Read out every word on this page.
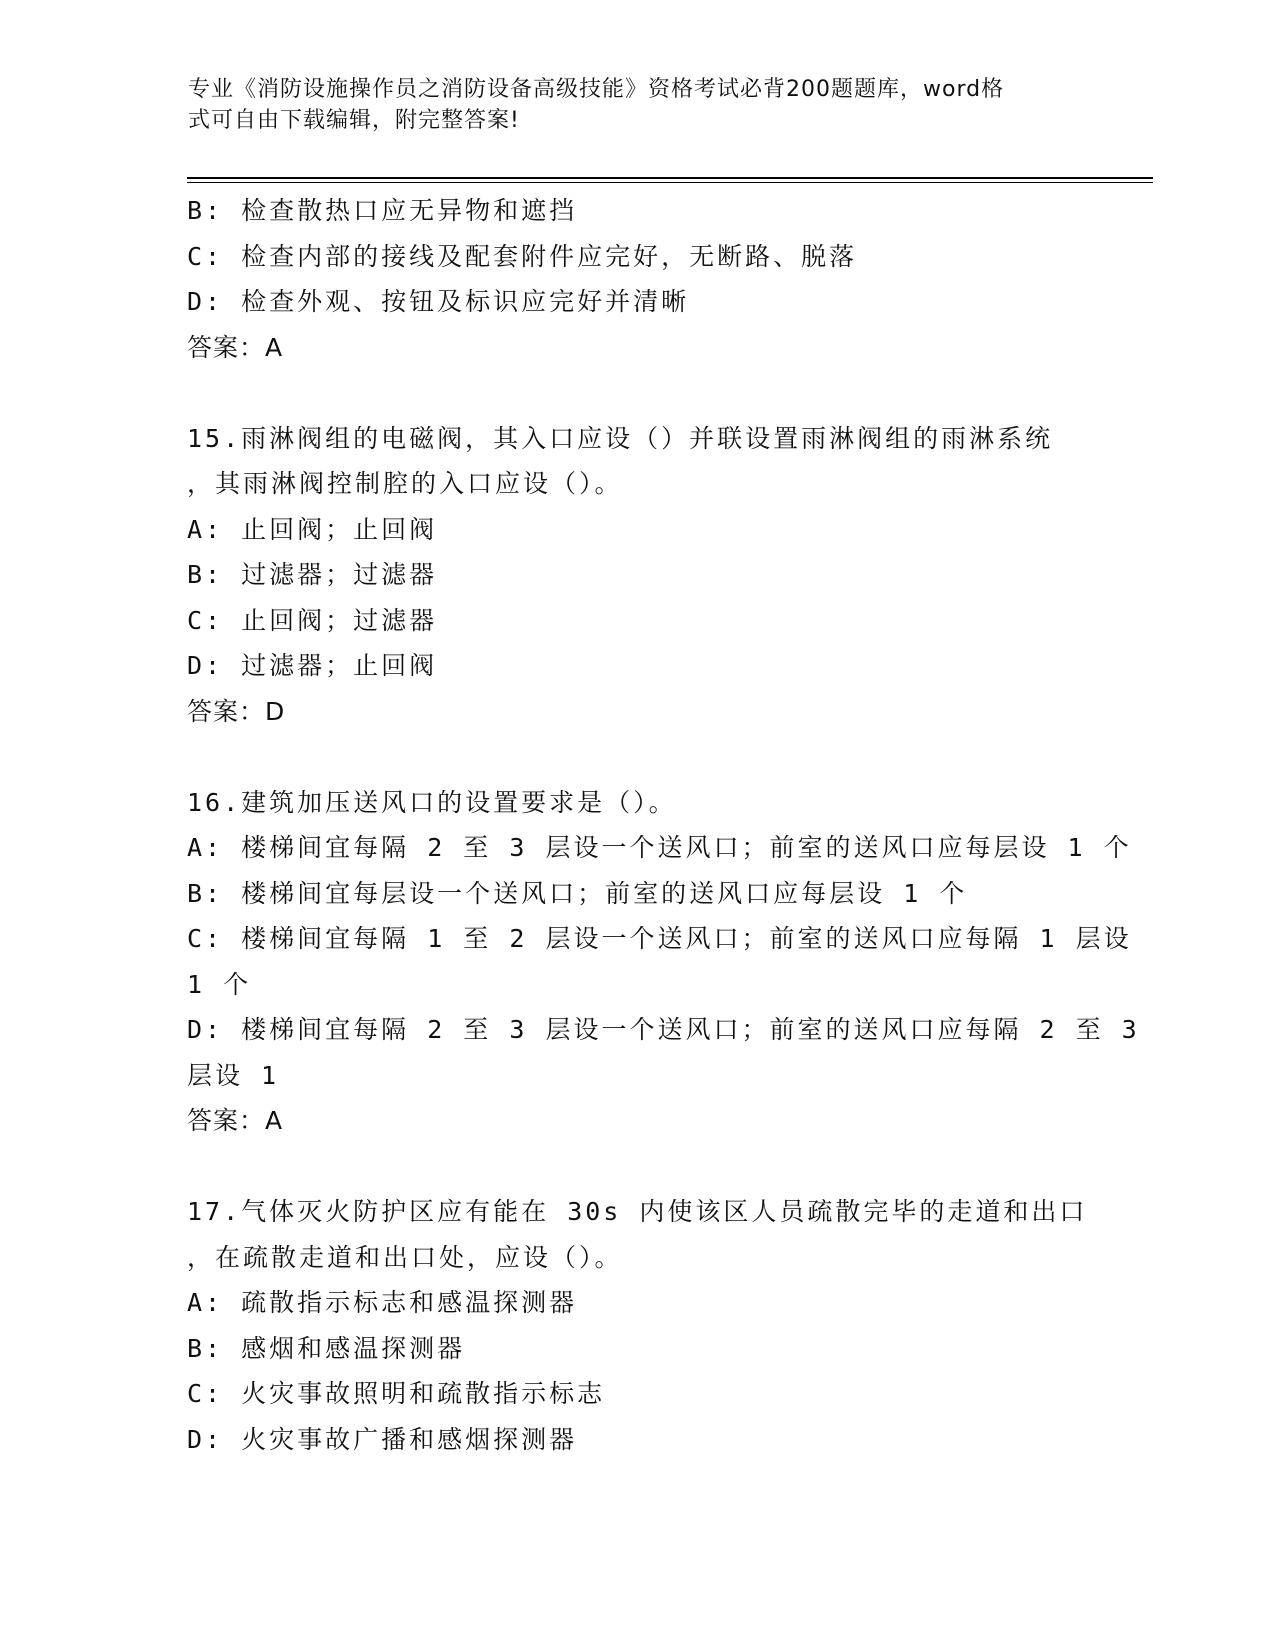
专业《消防设施操作员之消防设备高级技能》资格考试必背200题题库，word格
式可自由下载编辑，附完整答案!
B: 检查散热口应无异物和遮挡
C: 检查内部的接线及配套附件应完好，无断路、脱落
D: 检查外观、按钮及标识应完好并清晰
答案：A
15.雨淋阀组的电磁阀，其入口应设（）并联设置雨淋阀组的雨淋系统
，其雨淋阀控制腔的入口应设（）。
A: 止回阀；止回阀
B: 过滤器；过滤器
C: 止回阀；过滤器
D: 过滤器；止回阀
答案：D
16.建筑加压送风口的设置要求是（）。
A: 楼梯间宜每隔 2 至 3 层设一个送风口；前室的送风口应每层设 1 个
B: 楼梯间宜每层设一个送风口；前室的送风口应每层设 1 个
C: 楼梯间宜每隔 1 至 2 层设一个送风口；前室的送风口应每隔 1 层设
1 个
D: 楼梯间宜每隔 2 至 3 层设一个送风口；前室的送风口应每隔 2 至 3
层设 1
答案：A
17.气体灭火防护区应有能在 30s 内使该区人员疏散完毕的走道和出口
，在疏散走道和出口处，应设（）。
A: 疏散指示标志和感温探测器
B: 感烟和感温探测器
C: 火灾事故照明和疏散指示标志
D: 火灾事故广播和感烟探测器
